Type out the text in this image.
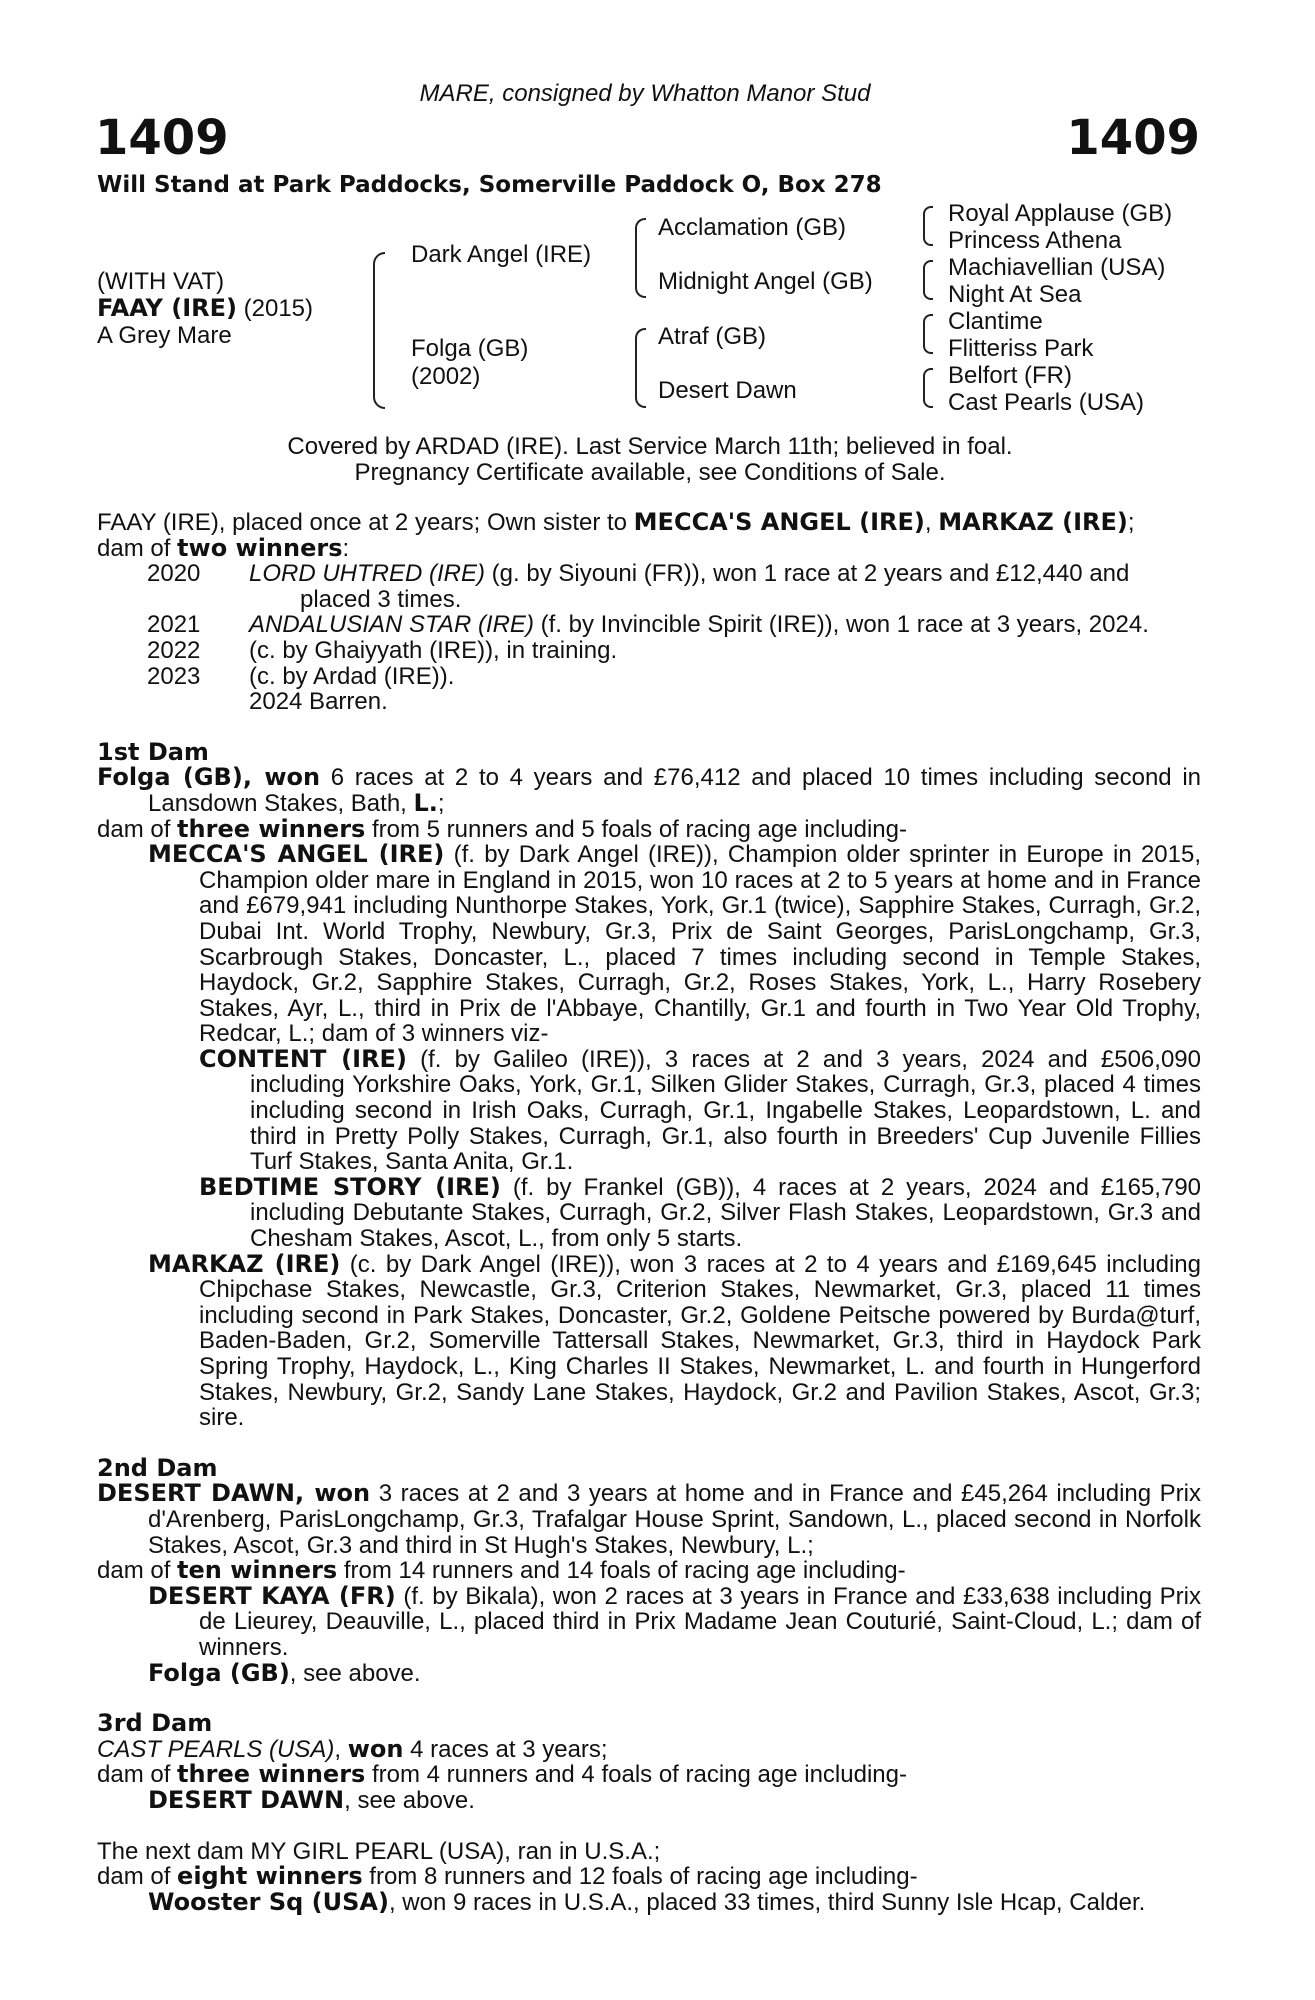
MARE, consigned by Whatton Manor Stud
1409	1409
Will Stand at Park Paddocks, Somerville Paddock O, Box 278
(WITH VAT)
FAAY (IRE) (2015)
A Grey Mare
Dark Angel (IRE)
Folga (GB)
(2002)
Acclamation (GB)
Midnight Angel (GB)
Atraf (GB)
Desert Dawn
Royal Applause (GB)
Princess Athena
Machiavellian (USA)
Night At Sea
Clantime
Flitteriss Park
Belfort (FR)
Cast Pearls (USA)
Covered by ARDAD (IRE). Last Service March 11th; believed in foal.
Pregnancy Certificate available, see Conditions of Sale.

FAAY (IRE), placed once at 2 years; Own sister to MECCA'S ANGEL (IRE), MARKAZ (IRE);

dam of two winners:

2020	LORD UHTRED (IRE) (g. by Siyouni (FR)), won 1 race at 2 years and £12,440 and
placed 3 times.
2021	ANDALUSIAN STAR (IRE) (f. by Invincible Spirit (IRE)), won 1 race at 3 years, 2024.
2022	(c. by Ghaiyyath (IRE)), in training.
2023	(c. by Ardad (IRE)).
2024 Barren.

1st Dam

Folga (GB), won 6 races at 2 to 4 years and £76,412 and placed 10 times including second in Lansdown Stakes, Bath, L.;

dam of three winners from 5 runners and 5 foals of racing age including-

MECCA'S ANGEL (IRE) (f. by Dark Angel (IRE)), Champion older sprinter in Europe in 2015, Champion older mare in England in 2015, won 10 races at 2 to 5 years at home and in France and £679,941 including Nunthorpe Stakes, York, Gr.1 (twice), Sapphire Stakes, Curragh, Gr.2, Dubai Int. World Trophy, Newbury, Gr.3, Prix de Saint Georges, ParisLongchamp, Gr.3, Scarbrough Stakes, Doncaster, L., placed 7 times including second in Temple Stakes, Haydock, Gr.2, Sapphire Stakes, Curragh, Gr.2, Roses Stakes, York, L., Harry Rosebery Stakes, Ayr, L., third in Prix de l'Abbaye, Chantilly, Gr.1 and fourth in Two Year Old Trophy, Redcar, L.; dam of 3 winners viz-

CONTENT (IRE) (f. by Galileo (IRE)), 3 races at 2 and 3 years, 2024 and £506,090 including Yorkshire Oaks, York, Gr.1, Silken Glider Stakes, Curragh, Gr.3, placed 4 times including second in Irish Oaks, Curragh, Gr.1, Ingabelle Stakes, Leopardstown, L. and third in Pretty Polly Stakes, Curragh, Gr.1, also fourth in Breeders' Cup Juvenile Fillies Turf Stakes, Santa Anita, Gr.1.

BEDTIME STORY (IRE) (f. by Frankel (GB)), 4 races at 2 years, 2024 and £165,790 including Debutante Stakes, Curragh, Gr.2, Silver Flash Stakes, Leopardstown, Gr.3 and Chesham Stakes, Ascot, L., from only 5 starts.

MARKAZ (IRE) (c. by Dark Angel (IRE)), won 3 races at 2 to 4 years and £169,645 including Chipchase Stakes, Newcastle, Gr.3, Criterion Stakes, Newmarket, Gr.3, placed 11 times including second in Park Stakes, Doncaster, Gr.2, Goldene Peitsche powered by Burda@turf, Baden-Baden, Gr.2, Somerville Tattersall Stakes, Newmarket, Gr.3, third in Haydock Park Spring Trophy, Haydock, L., King Charles II Stakes, Newmarket, L. and fourth in Hungerford Stakes, Newbury, Gr.2, Sandy Lane Stakes, Haydock, Gr.2 and Pavilion Stakes, Ascot, Gr.3; sire.

2nd Dam

DESERT DAWN, won 3 races at 2 and 3 years at home and in France and £45,264 including Prix d'Arenberg, ParisLongchamp, Gr.3, Trafalgar House Sprint, Sandown, L., placed second in Norfolk Stakes, Ascot, Gr.3 and third in St Hugh's Stakes, Newbury, L.;

dam of ten winners from 14 runners and 14 foals of racing age including-

DESERT KAYA (FR) (f. by Bikala), won 2 races at 3 years in France and £33,638 including Prix de Lieurey, Deauville, L., placed third in Prix Madame Jean Couturié, Saint-Cloud, L.; dam of winners.

Folga (GB), see above.

3rd Dam

CAST PEARLS (USA), won 4 races at 3 years;

dam of three winners from 4 runners and 4 foals of racing age including-

DESERT DAWN, see above.

The next dam MY GIRL PEARL (USA), ran in U.S.A.;

dam of eight winners from 8 runners and 12 foals of racing age including-

Wooster Sq (USA), won 9 races in U.S.A., placed 33 times, third Sunny Isle Hcap, Calder.
